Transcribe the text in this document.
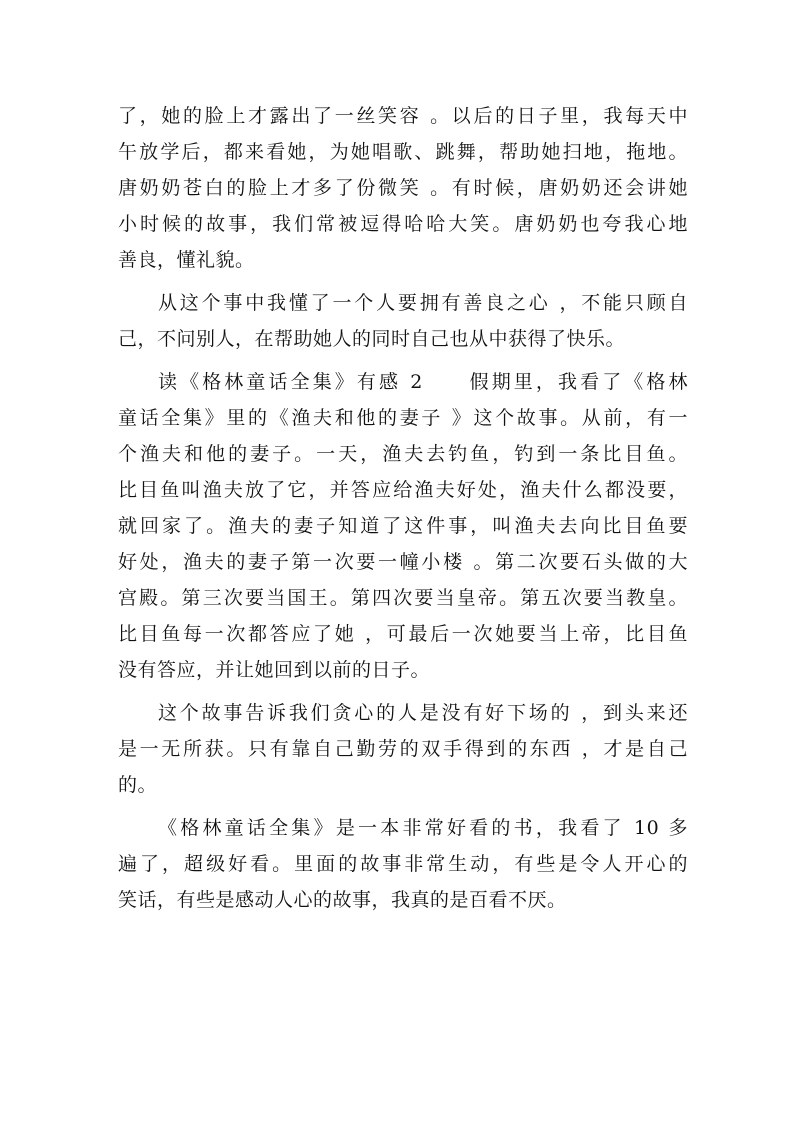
了，她的脸上才露出了一丝笑容 。以后的日子里，我每天中
午放学后，都来看她，为她唱歌、跳舞，帮助她扫地，拖地。
唐奶奶苍白的脸上才多了份微笑 。有时候，唐奶奶还会讲她
小时候的故事，我们常被逗得哈哈大笑。唐奶奶也夸我心地
善良，懂礼貌。
从这个事中我懂了一个人要拥有善良之心 ，不能只顾自
己，不问别人，在帮助她人的同时自己也从中获得了快乐。
读《格林童话全集》有感 2　　假期里，我看了《格林
童话全集》里的《渔夫和他的妻子 》这个故事。从前，有一
个渔夫和他的妻子。一天，渔夫去钓鱼，钓到一条比目鱼。
比目鱼叫渔夫放了它，并答应给渔夫好处，渔夫什么都没要，
就回家了。渔夫的妻子知道了这件事，叫渔夫去向比目鱼要
好处，渔夫的妻子第一次要一幢小楼 。第二次要石头做的大
宫殿。第三次要当国王。第四次要当皇帝。第五次要当教皇。
比目鱼每一次都答应了她 ，可最后一次她要当上帝，比目鱼
没有答应，并让她回到以前的日子。
这个故事告诉我们贪心的人是没有好下场的 ，到头来还
是一无所获。只有靠自己勤劳的双手得到的东西 ，才是自己
的。
《格林童话全集》是一本非常好看的书，我看了 10 多
遍了，超级好看。里面的故事非常生动，有些是令人开心的
笑话，有些是感动人心的故事，我真的是百看不厌。
